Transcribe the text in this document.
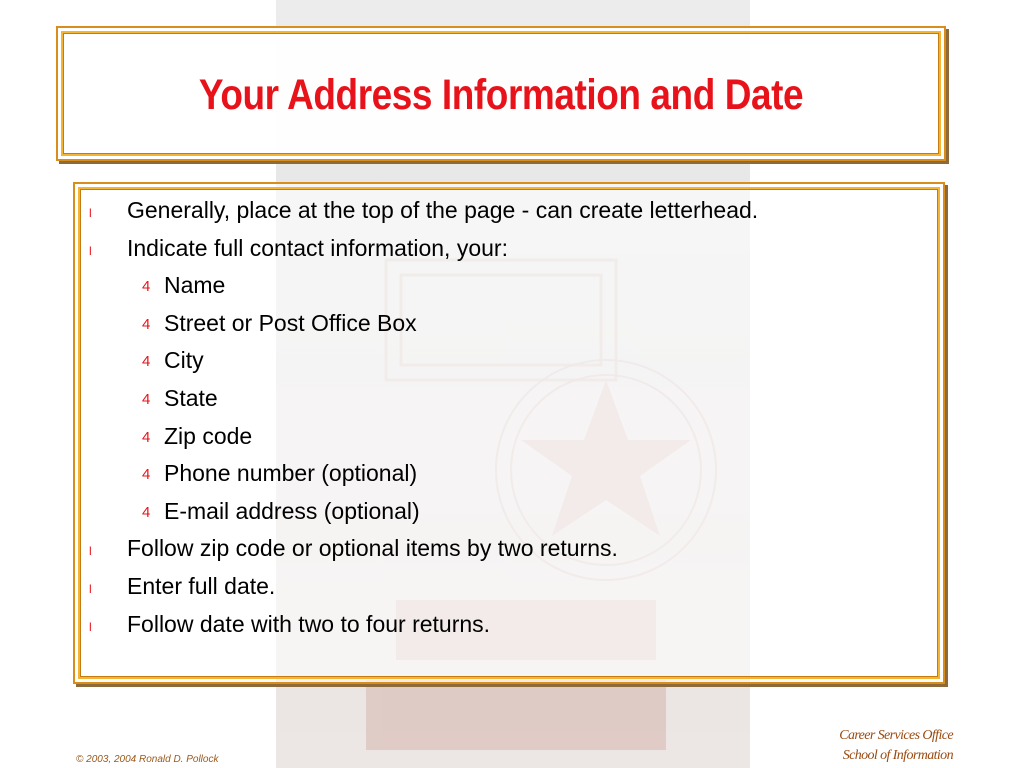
Your Address Information and Date
l Generally, place at the top of the page - can create letterhead.
l Indicate full contact information, your:
4 Name
4 Street or Post Office Box
4 City
4 State
4 Zip code
4 Phone number (optional)
4 E-mail address (optional)
l Follow zip code or optional items by two returns.
l Enter full date.
l Follow date with two to four returns.
© 2003, 2004 Ronald D. Pollock
Career Services Office
School of Information
